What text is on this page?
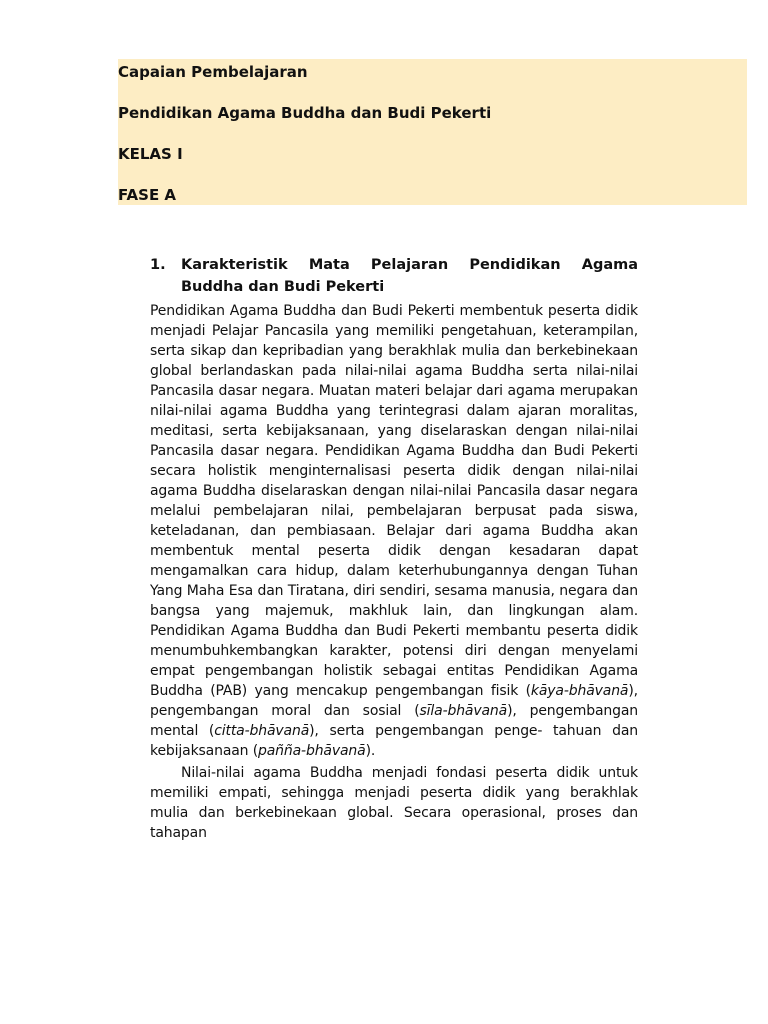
Capaian Pembelajaran
Pendidikan Agama Buddha dan Budi Pekerti
KELAS I
FASE A
1.	Karakteristik Mata Pelajaran Pendidikan Agama Buddha dan Budi Pekerti

Pendidikan Agama Buddha dan Budi Pekerti membentuk peserta didik menjadi Pelajar Pancasila yang memiliki pengetahuan, keterampilan, serta sikap dan kepribadian yang berakhlak mulia dan berkebinekaan global berlandaskan pada nilai-nilai agama Buddha serta nilai-nilai Pancasila dasar negara. Muatan materi belajar dari agama merupakan nilai-nilai agama Buddha yang terintegrasi dalam ajaran moralitas, meditasi, serta kebijaksanaan, yang diselaraskan dengan nilai-nilai Pancasila dasar negara. Pendidikan Agama Buddha dan Budi Pekerti secara holistik menginternalisasi peserta didik dengan nilai-nilai agama Buddha diselaraskan dengan nilai-nilai Pancasila dasar negara melalui pembelajaran nilai, pembelajaran berpusat pada siswa, keteladanan, dan pembiasaan. Belajar dari agama Buddha akan membentuk mental peserta didik dengan kesadaran dapat mengamalkan cara hidup, dalam keterhubungannya dengan Tuhan Yang Maha Esa dan Tiratana, diri sendiri, sesama manusia, negara dan bangsa yang majemuk, makhluk lain, dan lingkungan alam. Pendidikan Agama Buddha dan Budi Pekerti membantu peserta didik menumbuhkembangkan karakter, potensi diri dengan menyelami empat pengembangan holistik sebagai entitas Pendidikan Agama Buddha (PAB) yang mencakup pengembangan fisik (kāya-bhāvanā), pengembangan moral dan sosial (sīla-bhāvanā), pengembangan mental (citta-bhāvanā), serta pengembangan penge- tahuan dan kebijaksanaan (pañña-bhāvanā).

Nilai-nilai agama Buddha menjadi fondasi peserta didik untuk memiliki empati, sehingga menjadi peserta didik yang berakhlak mulia dan berkebinekaan global. Secara operasional, proses dan tahapan
